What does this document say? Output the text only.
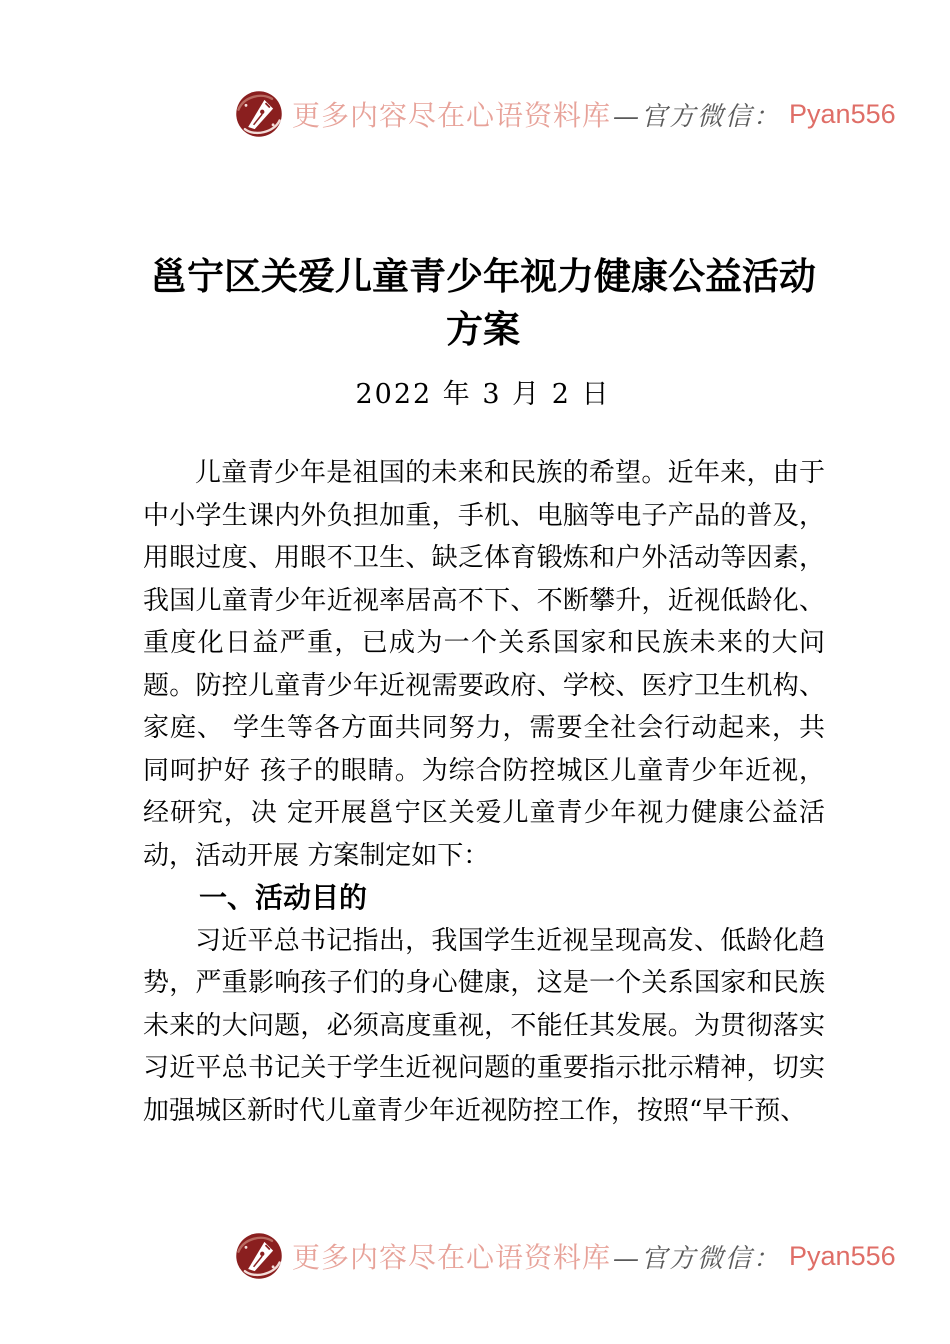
更多内容尽在心语资料库 —官方微信： Pyan556
邕宁区关爱儿童青少年视力健康公益活动
方案
2022 年 3 月 2 日

儿童青少年是祖国的未来和民族的希望。近年来，由于中小学生课内外负担加重，手机、电脑等电子产品的普及，用眼过度、用眼不卫生、缺乏体育锻炼和户外活动等因素，我国儿童青少年近视率居高不下、不断攀升，近视低龄化、重度化日益严重，已成为一个关系国家和民族未来的大问题。防控儿童青少年近视需要政府、学校、医疗卫生机构、家庭、 学生等各方面共同努力，需要全社会行动起来，共同呵护好 孩子的眼睛。为综合防控城区儿童青少年近视，经研究，决 定开展邕宁区关爱儿童青少年视力健康公益活动，活动开展 方案制定如下：

一、活动目的

习近平总书记指出，我国学生近视呈现高发、低龄化趋势，严重影响孩子们的身心健康，这是一个关系国家和民族未来的大问题，必须高度重视，不能任其发展。为贯彻落实习近平总书记关于学生近视问题的重要指示批示精神，切实加强城区新时代儿童青少年近视防控工作，按照“早干预、

更多内容尽在心语资料库 —官方微信： Pyan556
